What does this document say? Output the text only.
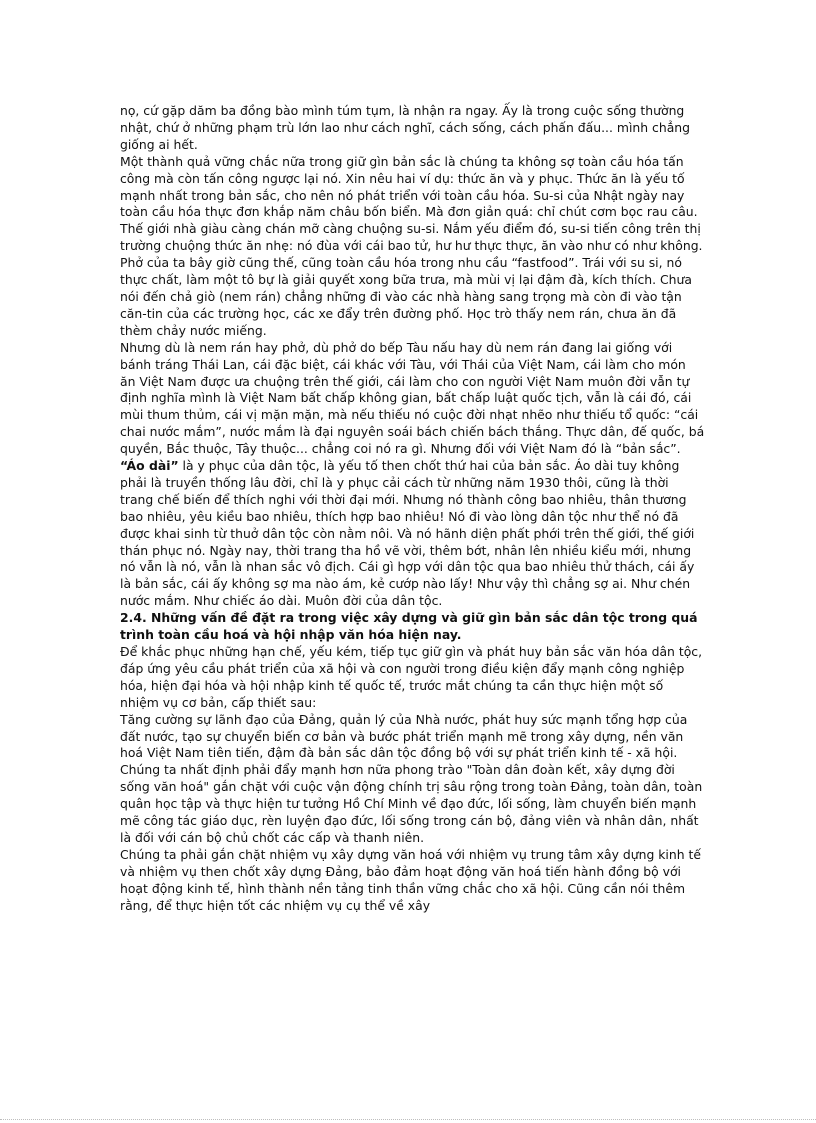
nọ, cứ gặp dăm ba đồng bào mình túm tụm, là nhận ra ngay. Ấy là trong cuộc sống thường nhật, chứ ở những phạm trù lớn lao như cách nghĩ, cách sống, cách phấn đấu... mình chẳng giống ai hết.

Một thành quả vững chắc nữa trong giữ gìn bản sắc là chúng ta không sợ toàn cầu hóa tấn công mà còn tấn công ngược lại nó. Xin nêu hai ví dụ: thức ăn và y phục. Thức ăn là yếu tố mạnh nhất trong bản sắc, cho nên nó phát triển với toàn cầu hóa. Su-si của Nhật ngày nay toàn cầu hóa thực đơn khắp năm châu bốn biển. Mà đơn giản quá: chỉ chút cơm bọc rau câu. Thế giới nhà giàu càng chán mỡ càng chuộng su-si. Nắm yếu điểm đó, su-si tiến công trên thị trường chuộng thức ăn nhẹ: nó đùa với cái bao tử, hư hư thực thực, ăn vào như có như không.

Phở của ta bây giờ cũng thế, cũng toàn cầu hóa trong nhu cầu “fastfood”. Trái với su si, nó thực chất, làm một tô bự là giải quyết xong bữa trưa, mà mùi vị lại đậm đà, kích thích. Chưa nói đến chả giò (nem rán) chẳng những đi vào các nhà hàng sang trọng mà còn đi vào tận căn-tin của các trường học, các xe đẩy trên đường phố. Học trò thấy nem rán, chưa ăn đã thèm chảy nước miếng.

Nhưng dù là nem rán hay phở, dù phở do bếp Tàu nấu hay dù nem rán đang lai giống với bánh tráng Thái Lan, cái đặc biệt, cái khác với Tàu, với Thái của Việt Nam, cái làm cho món ăn Việt Nam được ưa chuộng trên thế giới, cái làm cho con người Việt Nam muôn đời vẫn tự định nghĩa mình là Việt Nam bất chấp không gian, bất chấp luật quốc tịch, vẫn là cái đó, cái mùi thum thủm, cái vị mặn mặn, mà nếu thiếu nó cuộc đời nhạt nhẽo như thiếu tổ quốc: “cái chai nước mắm”, nước mắm là đại nguyên soái bách chiến bách thắng. Thực dân, đế quốc, bá quyền, Bắc thuộc, Tây thuộc... chẳng coi nó ra gì. Nhưng đối với Việt Nam đó là “bản sắc”.

“Áo dài” là y phục của dân tộc, là yếu tố then chốt thứ hai của bản sắc. Áo dài tuy không phải là truyền thống lâu đời, chỉ là y phục cải cách từ những năm 1930 thôi, cũng là thời trang chế biến để thích nghi với thời đại mới. Nhưng nó thành công bao nhiêu, thân thương bao nhiêu, yêu kiều bao nhiêu, thích hợp bao nhiêu! Nó đi vào lòng dân tộc như thể nó đã được khai sinh từ thuở dân tộc còn nằm nôi. Và nó hãnh diện phất phới trên thế giới, thế giới thán phục nó. Ngày nay, thời trang tha hồ vẽ vời, thêm bớt, nhân lên nhiều kiểu mới, nhưng nó vẫn là nó, vẫn là nhan sắc vô địch. Cái gì hợp với dân tộc qua bao nhiêu thử thách, cái ấy là bản sắc, cái ấy không sợ ma nào ám, kẻ cướp nào lấy! Như vậy thì chẳng sợ ai. Như chén nước mắm. Như chiếc áo dài. Muôn đời của dân tộc.

2.4. Những vấn đề đặt ra trong việc xây dựng và giữ gìn bản sắc dân tộc trong quá trình toàn cầu hoá và hội nhập văn hóa hiện nay.

Để khắc phục những hạn chế, yếu kém, tiếp tục giữ gìn và phát huy bản sắc văn hóa dân tộc, đáp ứng yêu cầu phát triển của xã hội và con người trong điều kiện đẩy mạnh công nghiệp hóa, hiện đại hóa và hội nhập kinh tế quốc tế, trước mắt chúng ta cần thực hiện một số nhiệm vụ cơ bản, cấp thiết sau:

Tăng cường sự lãnh đạo của Đảng, quản lý của Nhà nước, phát huy sức mạnh tổng hợp của đất nước, tạo sự chuyển biến cơ bản và bước phát triển mạnh mẽ trong xây dựng, nền văn hoá Việt Nam tiên tiến, đậm đà bản sắc dân tộc đồng bộ với sự phát triển kinh tế - xã hội.

Chúng ta nhất định phải đẩy mạnh hơn nữa phong trào "Toàn dân đoàn kết, xây dựng đời sống văn hoá" gắn chặt với cuộc vận động chính trị sâu rộng trong toàn Đảng, toàn dân, toàn quân học tập và thực hiện tư tưởng Hồ Chí Minh về đạo đức, lối sống, làm chuyển biến mạnh mẽ công tác giáo dục, rèn luyện đạo đức, lối sống trong cán bộ, đảng viên và nhân dân, nhất là đối với cán bộ chủ chốt các cấp và thanh niên.

Chúng ta phải gắn chặt nhiệm vụ xây dựng văn hoá với nhiệm vụ trung tâm xây dựng kinh tế và nhiệm vụ then chốt xây dựng Đảng, bảo đảm hoạt động văn hoá tiến hành đồng bộ với hoạt động kinh tế, hình thành nền tảng tinh thần vững chắc cho xã hội. Cũng cần nói thêm rằng, để thực hiện tốt các nhiệm vụ cụ thể về xây
